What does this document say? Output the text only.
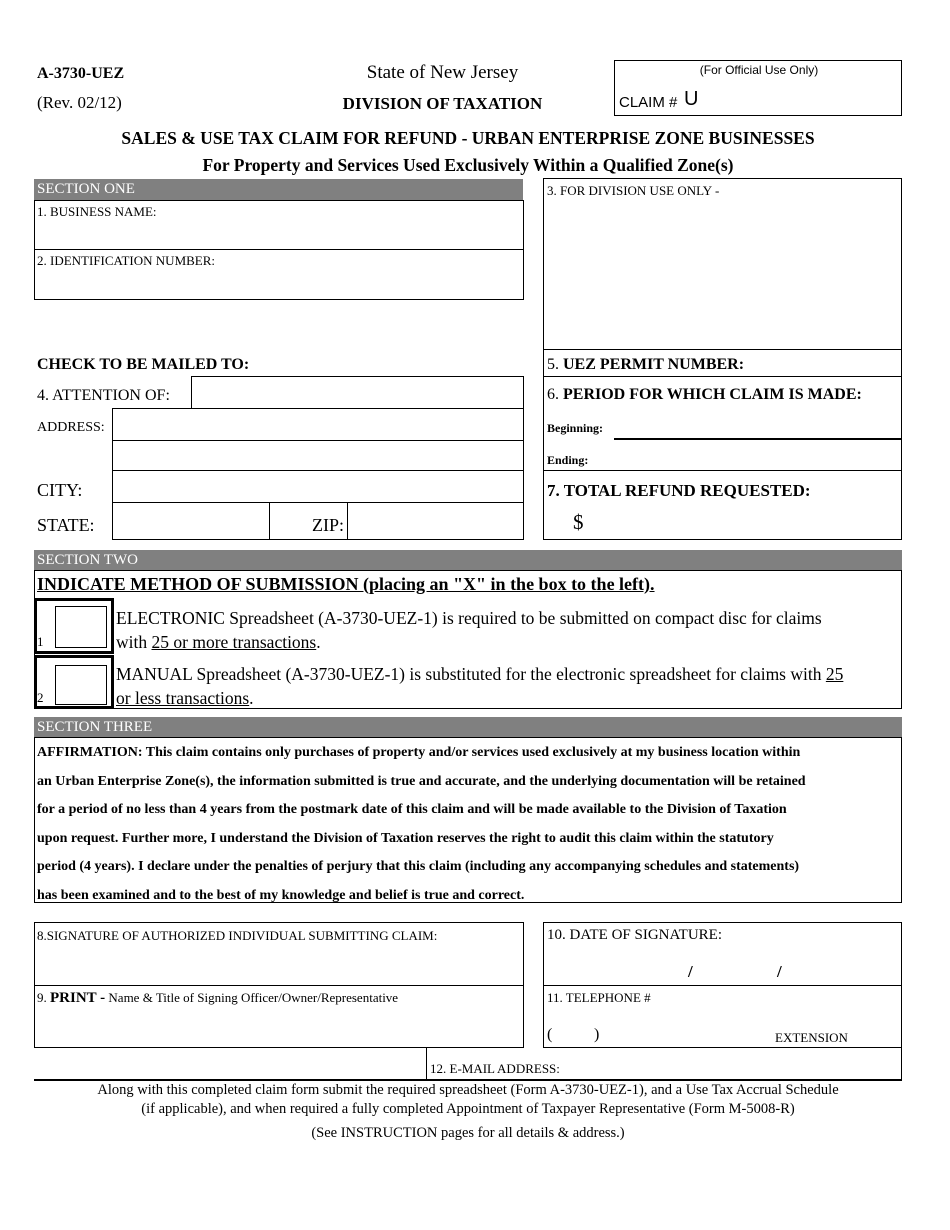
A-3730-UEZ
(Rev. 02/12)
State of New Jersey
DIVISION OF TAXATION
(For Official Use Only)
CLAIM # U
SALES & USE TAX CLAIM FOR REFUND - URBAN ENTERPRISE ZONE BUSINESSES
For Property and Services Used Exclusively Within a Qualified Zone(s)
SECTION ONE
1. BUSINESS NAME:
2. IDENTIFICATION NUMBER:
3. FOR DIVISION USE ONLY -
5. UEZ PERMIT NUMBER:
6. PERIOD FOR WHICH CLAIM IS MADE:
Beginning:
Ending:
7. TOTAL REFUND REQUESTED:
$
CHECK TO BE MAILED TO:
4. ATTENTION OF:
ADDRESS:
CITY:
STATE:	ZIP:
SECTION TWO
INDICATE METHOD OF SUBMISSION (placing an "X" in the box to the left).
1
ELECTRONIC Spreadsheet (A-3730-UEZ-1) is required to be submitted on compact disc for claims
with 25 or more transactions.
2
MANUAL Spreadsheet (A-3730-UEZ-1) is substituted for the electronic spreadsheet for claims with 25
or less transactions.
SECTION THREE
AFFIRMATION: This claim contains only purchases of property and/or services used exclusively at my business location within
an Urban Enterprise Zone(s), the information submitted is true and accurate, and the underlying documentation will be retained
for a period of no less than 4 years from the postmark date of this claim and will be made available to the Division of Taxation
upon request. Further more, I understand the Division of Taxation reserves the right to audit this claim within the statutory
period (4 years). I declare under the penalties of perjury that this claim (including any accompanying schedules and statements)
has been examined and to the best of my knowledge and belief is true and correct.
8.SIGNATURE OF AUTHORIZED INDIVIDUAL SUBMITTING CLAIM:
9. PRINT - Name & Title of Signing Officer/Owner/Representative
10. DATE OF SIGNATURE:
/	/
11. TELEPHONE #
(	)	EXTENSION
12. E-MAIL ADDRESS:
Along with this completed claim form submit the required spreadsheet (Form A-3730-UEZ-1), and a Use Tax Accrual Schedule
(if applicable), and when required a fully completed Appointment of Taxpayer Representative (Form M-5008-R)
(See INSTRUCTION pages for all details & address.)
